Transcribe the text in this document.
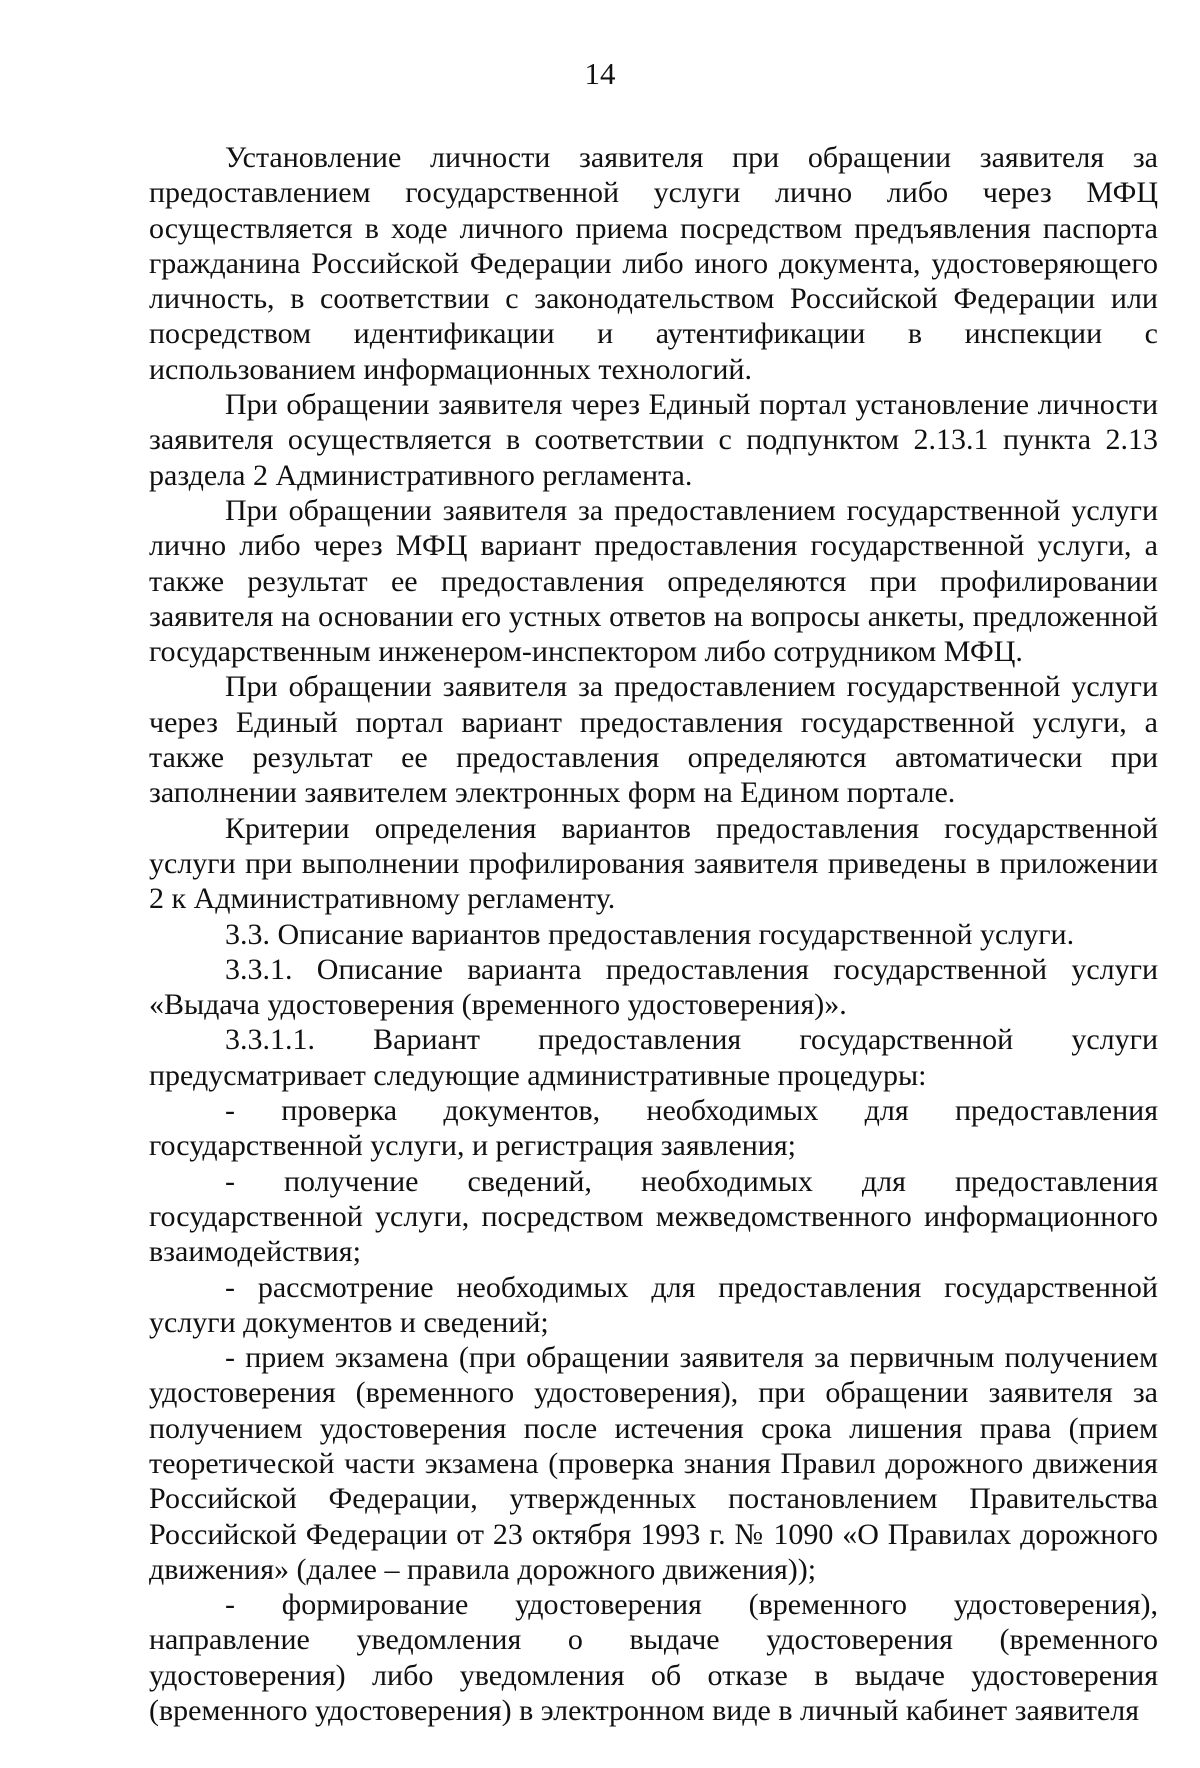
14

Установление личности заявителя при обращении заявителя за предоставлением государственной услуги лично либо через МФЦ осуществляется в ходе личного приема посредством предъявления паспорта гражданина Российской Федерации либо иного документа, удостоверяющего личность, в соответствии с законодательством Российской Федерации или посредством идентификации и аутентификации в инспекции с использованием информационных технологий.

При обращении заявителя через Единый портал установление личности заявителя осуществляется в соответствии с подпунктом 2.13.1 пункта 2.13 раздела 2 Административного регламента.

При обращении заявителя за предоставлением государственной услуги лично либо через МФЦ вариант предоставления государственной услуги, а также результат ее предоставления определяются при профилировании заявителя на основании его устных ответов на вопросы анкеты, предложенной государственным инженером-инспектором либо сотрудником МФЦ.

При обращении заявителя за предоставлением государственной услуги через Единый портал вариант предоставления государственной услуги, а также результат ее предоставления определяются автоматически при заполнении заявителем электронных форм на Едином портале.

Критерии определения вариантов предоставления государственной услуги при выполнении профилирования заявителя приведены в приложении 2 к Административному регламенту.

3.3. Описание вариантов предоставления государственной услуги.

3.3.1. Описание варианта предоставления государственной услуги «Выдача удостоверения (временного удостоверения)».

3.3.1.1. Вариант предоставления государственной услуги предусматривает следующие административные процедуры:

- проверка документов, необходимых для предоставления государственной услуги, и регистрация заявления;

- получение сведений, необходимых для предоставления государственной услуги, посредством межведомственного информационного взаимодействия;

- рассмотрение необходимых для предоставления государственной услуги документов и сведений;

- прием экзамена (при обращении заявителя за первичным получением удостоверения (временного удостоверения), при обращении заявителя за получением удостоверения после истечения срока лишения права (прием теоретической части экзамена (проверка знания Правил дорожного движения Российской Федерации, утвержденных постановлением Правительства Российской Федерации от 23 октября 1993 г. № 1090 «О Правилах дорожного движения» (далее – правила дорожного движения));

- формирование удостоверения (временного удостоверения), направление уведомления о выдаче удостоверения (временного удостоверения) либо уведомления об отказе в выдаче удостоверения (временного удостоверения) в электронном виде в личный кабинет заявителя
